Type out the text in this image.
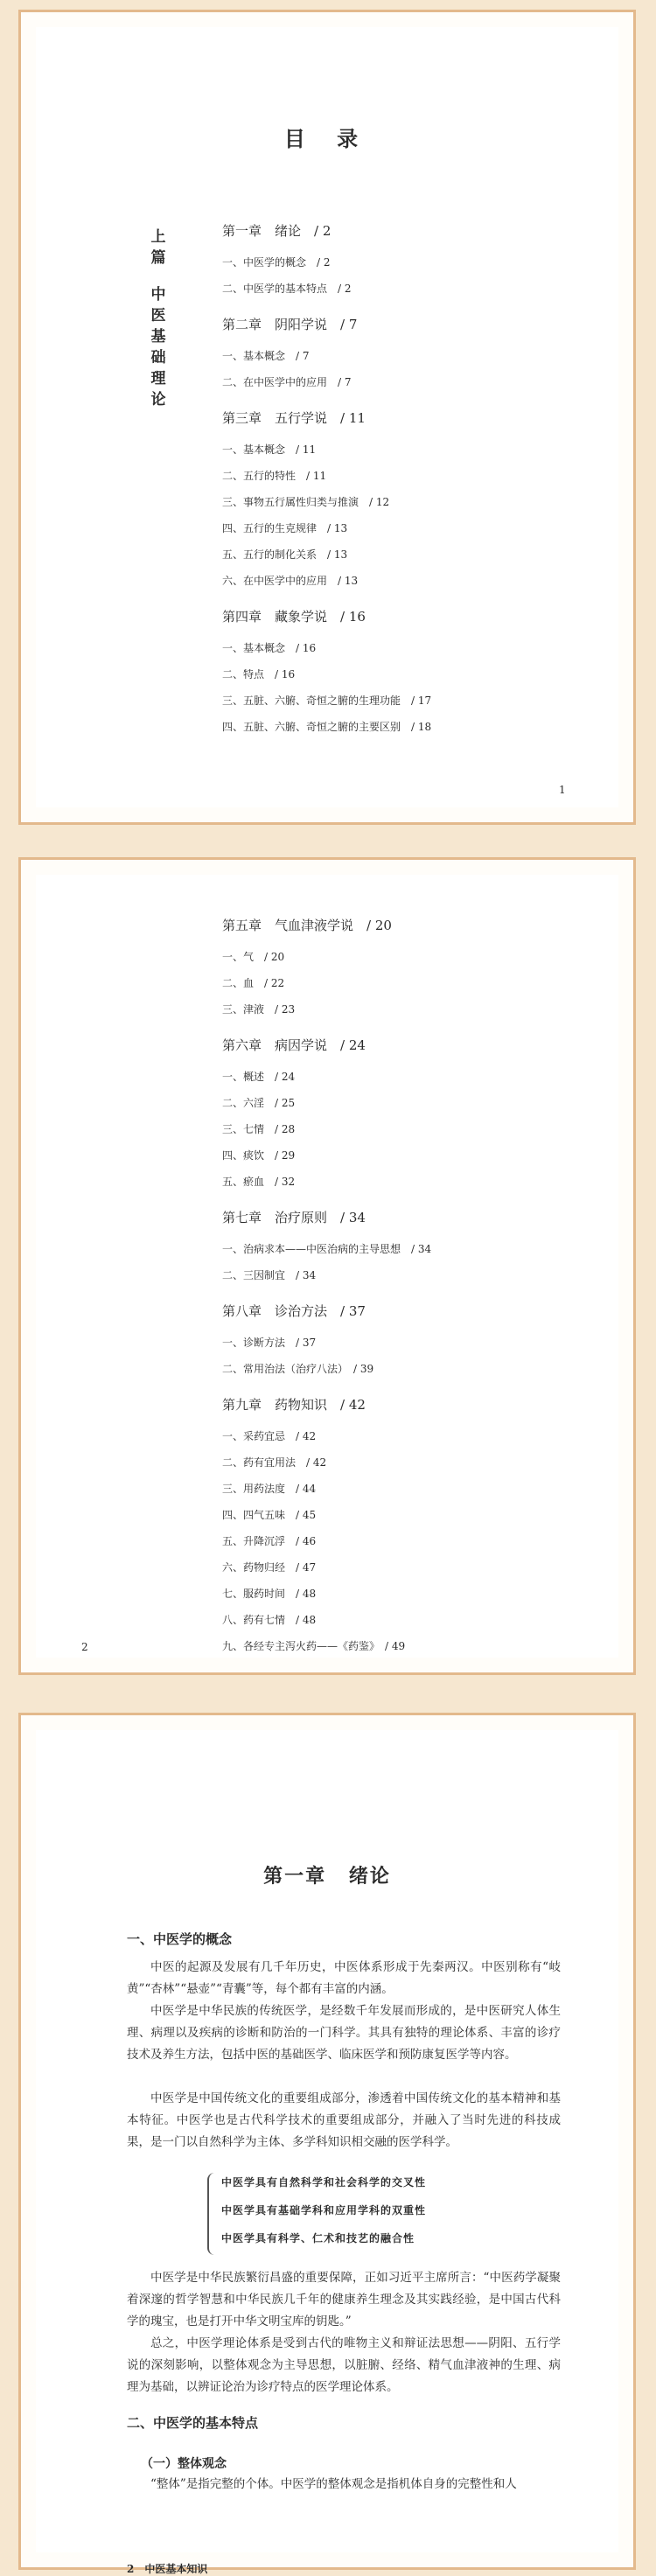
目 录
上篇
中医基础理论
第一章　绪论　/ 2
一、中医学的概念　/ 2
二、中医学的基本特点　/ 2
第二章　阴阳学说　/ 7
一、基本概念　/ 7
二、在中医学中的应用　/ 7
第三章　五行学说　/ 11
一、基本概念　/ 11
二、五行的特性　/ 11
三、事物五行属性归类与推演　/ 12
四、五行的生克规律　/ 13
五、五行的制化关系　/ 13
六、在中医学中的应用　/ 13
第四章　藏象学说　/ 16
一、基本概念　/ 16
二、特点　/ 16
三、五脏、六腑、奇恒之腑的生理功能　/ 17
四、五脏、六腑、奇恒之腑的主要区别　/ 18
1
第五章　气血津液学说　/ 20
一、气　/ 20
二、血　/ 22
三、津液　/ 23
第六章　病因学说　/ 24
一、概述　/ 24
二、六淫　/ 25
三、七情　/ 28
四、痰饮　/ 29
五、瘀血　/ 32
第七章　治疗原则　/ 34
一、治病求本——中医治病的主导思想　/ 34
二、三因制宜　/ 34
第八章　诊治方法　/ 37
一、诊断方法　/ 37
二、常用治法（治疗八法）　/ 39
第九章　药物知识　/ 42
一、采药宜忌　/ 42
二、药有宜用法　/ 42
三、用药法度　/ 44
四、四气五味　/ 45
五、升降沉浮　/ 46
六、药物归经　/ 47
七、服药时间　/ 48
八、药有七情　/ 48
九、各经专主泻火药——《药鉴》　/ 49
2
第一章 绪论
一、中医学的概念

中医的起源及发展有几千年历史，中医体系形成于先秦两汉。中医别称有“岐黄”“杏林”“悬壶”“青囊”等，每个都有丰富的内涵。

中医学是中华民族的传统医学，是经数千年发展而形成的，是中医研究人体生理、病理以及疾病的诊断和防治的一门科学。其具有独特的理论体系、丰富的诊疗技术及养生方法，包括中医的基础医学、临床医学和预防康复医学等内容。

中医学是中国传统文化的重要组成部分，渗透着中国传统文化的基本精神和基本特征。中医学也是古代科学技术的重要组成部分，并融入了当时先进的科技成果，是一门以自然科学为主体、多学科知识相交融的医学科学。

中医学具有自然科学和社会科学的交叉性
中医学具有基础学科和应用学科的双重性
中医学具有科学、仁术和技艺的融合性

中医学是中华民族繁衍昌盛的重要保障，正如习近平主席所言：“中医药学凝聚着深邃的哲学智慧和中华民族几千年的健康养生理念及其实践经验，是中国古代科学的瑰宝，也是打开中华文明宝库的钥匙。”

总之，中医学理论体系是受到古代的唯物主义和辩证法思想——阴阳、五行学说的深刻影响，以整体观念为主导思想，以脏腑、经络、精气血津液神的生理、病理为基础，以辨证论治为诊疗特点的医学理论体系。

二、中医学的基本特点
（一）整体观念

“整体”是指完整的个体。中医学的整体观念是指机体自身的完整性和人

2　中医基本知识
